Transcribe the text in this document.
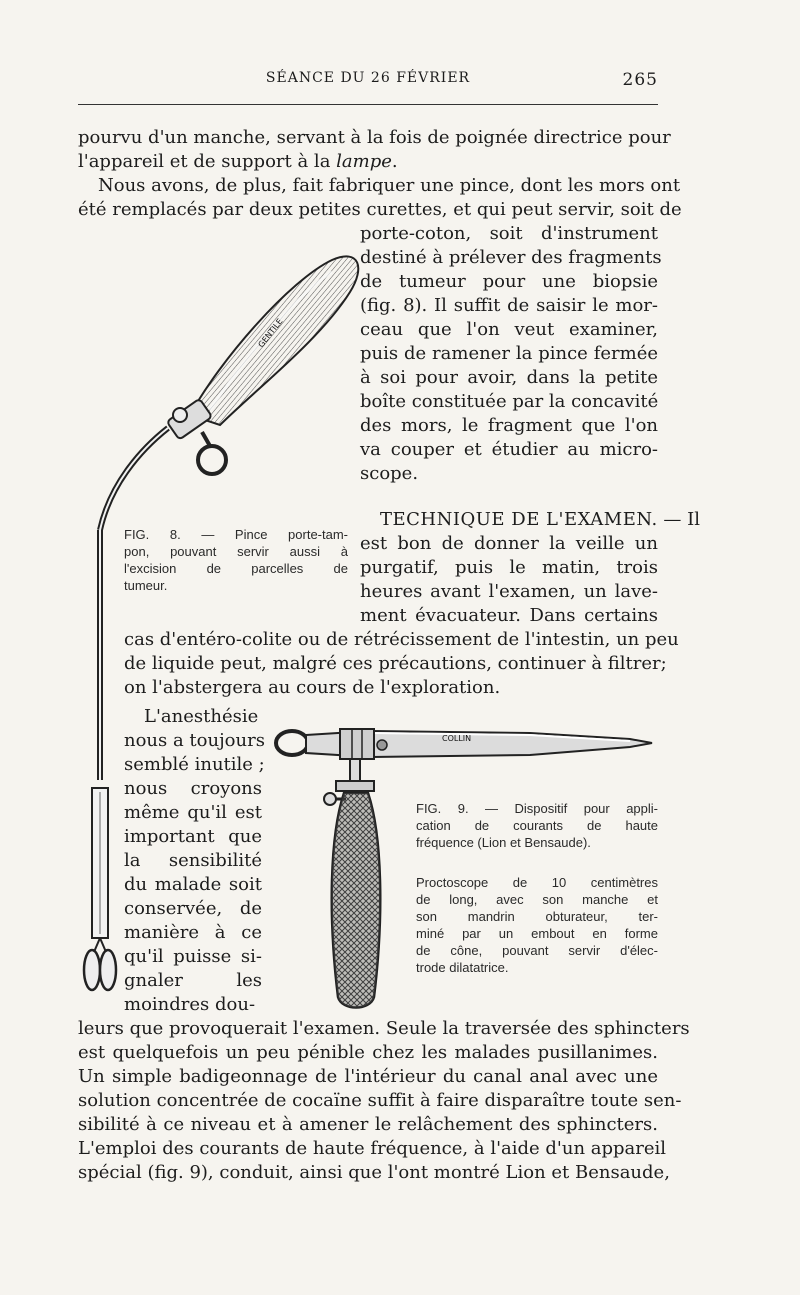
SÉANCE DU 26 FÉVRIER	265
pourvu d'un manche, servant à la fois de poignée directrice pour
l'appareil et de support à la lampe.
Nous avons, de plus, fait fabriquer une pince, dont les mors ont
été remplacés par deux petites curettes, et qui peut servir, soit de
porte-coton, soit d'instrument
destiné à prélever des fragments
de tumeur pour une biopsie
(fig. 8). Il suffit de saisir le mor-
ceau que l'on veut examiner,
puis de ramener la pince fermée
à soi pour avoir, dans la petite
boîte constituée par la concavité
des mors, le fragment que l'on
va couper et étudier au micro-
scope.
TECHNIQUE DE L'EXAMEN. — Il
est bon de donner la veille un
purgatif, puis le matin, trois
heures avant l'examen, un lave-
ment évacuateur. Dans certains
cas d'entéro-colite ou de rétrécissement de l'intestin, un peu
de liquide peut, malgré ces précautions, continuer à filtrer;
on l'abstergera au cours de l'exploration.
L'anesthésie
nous a toujours
semblé inutile ;
nous croyons
même qu'il est
important que
la sensibilité
du malade soit
conservée, de
manière à ce
qu'il puisse si-
gnaler les
moindres dou-
leurs que provoquerait l'examen. Seule la traversée des sphincters
est quelquefois un peu pénible chez les malades pusillanimes.
Un simple badigeonnage de l'intérieur du canal anal avec une
solution concentrée de cocaïne suffit à faire disparaître toute sen-
sibilité à ce niveau et à amener le relâchement des sphincters.
L'emploi des courants de haute fréquence, à l'aide d'un appareil
spécial (fig. 9), conduit, ainsi que l'ont montré Lion et Bensaude,
FIG. 8. — Pince porte-tam-
pon, pouvant servir aussi à
l'excision de parcelles de
tumeur.
FIG. 9. — Dispositif pour appli-
cation de courants de haute
fréquence (Lion et Bensaude).
Proctoscope de 10 centimètres
de long, avec son manche et
son mandrin obturateur, ter-
miné par un embout en forme
de cône, pouvant servir d'élec-
trode dilatatrice.
GENTILE
COLLIN
